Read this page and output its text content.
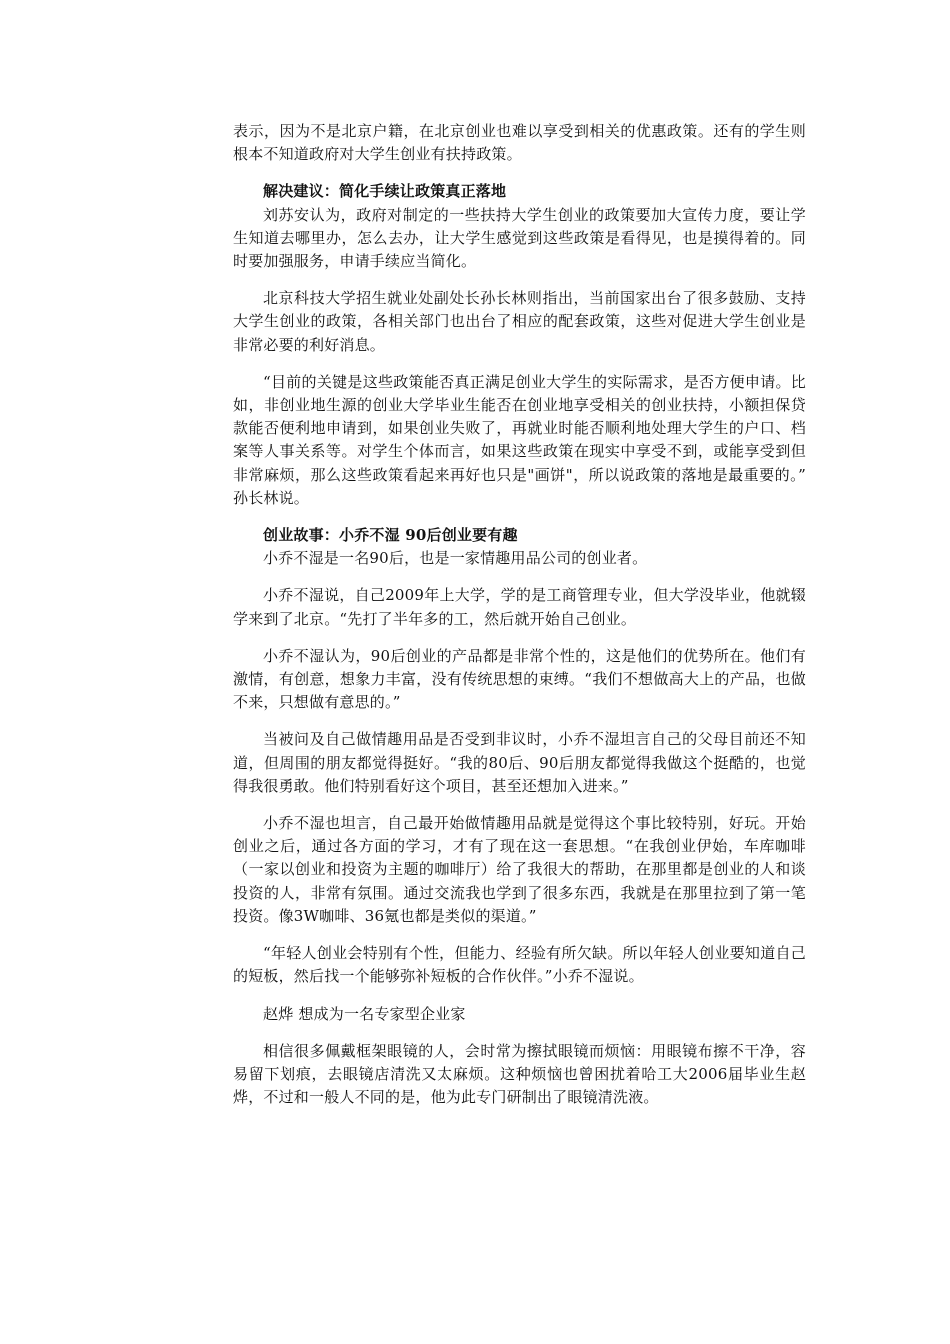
表示，因为不是北京户籍，在北京创业也难以享受到相关的优惠政策。还有的学生则根本不知道政府对大学生创业有扶持政策。

解决建议：简化手续让政策真正落地

刘苏安认为，政府对制定的一些扶持大学生创业的政策要加大宣传力度，要让学生知道去哪里办，怎么去办，让大学生感觉到这些政策是看得见，也是摸得着的。同时要加强服务，申请手续应当简化。

北京科技大学招生就业处副处长孙长林则指出，当前国家出台了很多鼓励、支持大学生创业的政策，各相关部门也出台了相应的配套政策，这些对促进大学生创业是非常必要的利好消息。

“目前的关键是这些政策能否真正满足创业大学生的实际需求，是否方便申请。比如，非创业地生源的创业大学毕业生能否在创业地享受相关的创业扶持，小额担保贷款能否便利地申请到，如果创业失败了，再就业时能否顺利地处理大学生的户口、档案等人事关系等。对学生个体而言，如果这些政策在现实中享受不到，或能享受到但非常麻烦，那么这些政策看起来再好也只是"画饼"，所以说政策的落地是最重要的。” 孙长林说。

创业故事：小乔不湿 90后创业要有趣

小乔不湿是一名90后，也是一家情趣用品公司的创业者。

小乔不湿说，自己2009年上大学，学的是工商管理专业，但大学没毕业，他就辍学来到了北京。“先打了半年多的工，然后就开始自己创业。

小乔不湿认为，90后创业的产品都是非常个性的，这是他们的优势所在。他们有激情，有创意，想象力丰富，没有传统思想的束缚。“我们不想做高大上的产品，也做不来，只想做有意思的。”

当被问及自己做情趣用品是否受到非议时，小乔不湿坦言自己的父母目前还不知道，但周围的朋友都觉得挺好。“我的80后、90后朋友都觉得我做这个挺酷的，也觉得我很勇敢。他们特别看好这个项目，甚至还想加入进来。”

小乔不湿也坦言，自己最开始做情趣用品就是觉得这个事比较特别，好玩。开始创业之后，通过各方面的学习，才有了现在这一套思想。“在我创业伊始，车库咖啡（一家以创业和投资为主题的咖啡厅）给了我很大的帮助，在那里都是创业的人和谈投资的人，非常有氛围。通过交流我也学到了很多东西，我就是在那里拉到了第一笔投资。像3W咖啡、36氪也都是类似的渠道。”

“年轻人创业会特别有个性，但能力、经验有所欠缺。所以年轻人创业要知道自己的短板，然后找一个能够弥补短板的合作伙伴。”小乔不湿说。

赵烨 想成为一名专家型企业家

相信很多佩戴框架眼镜的人，会时常为擦拭眼镜而烦恼：用眼镜布擦不干净，容易留下划痕，去眼镜店清洗又太麻烦。这种烦恼也曾困扰着哈工大2006届毕业生赵烨，不过和一般人不同的是，他为此专门研制出了眼镜清洗液。
